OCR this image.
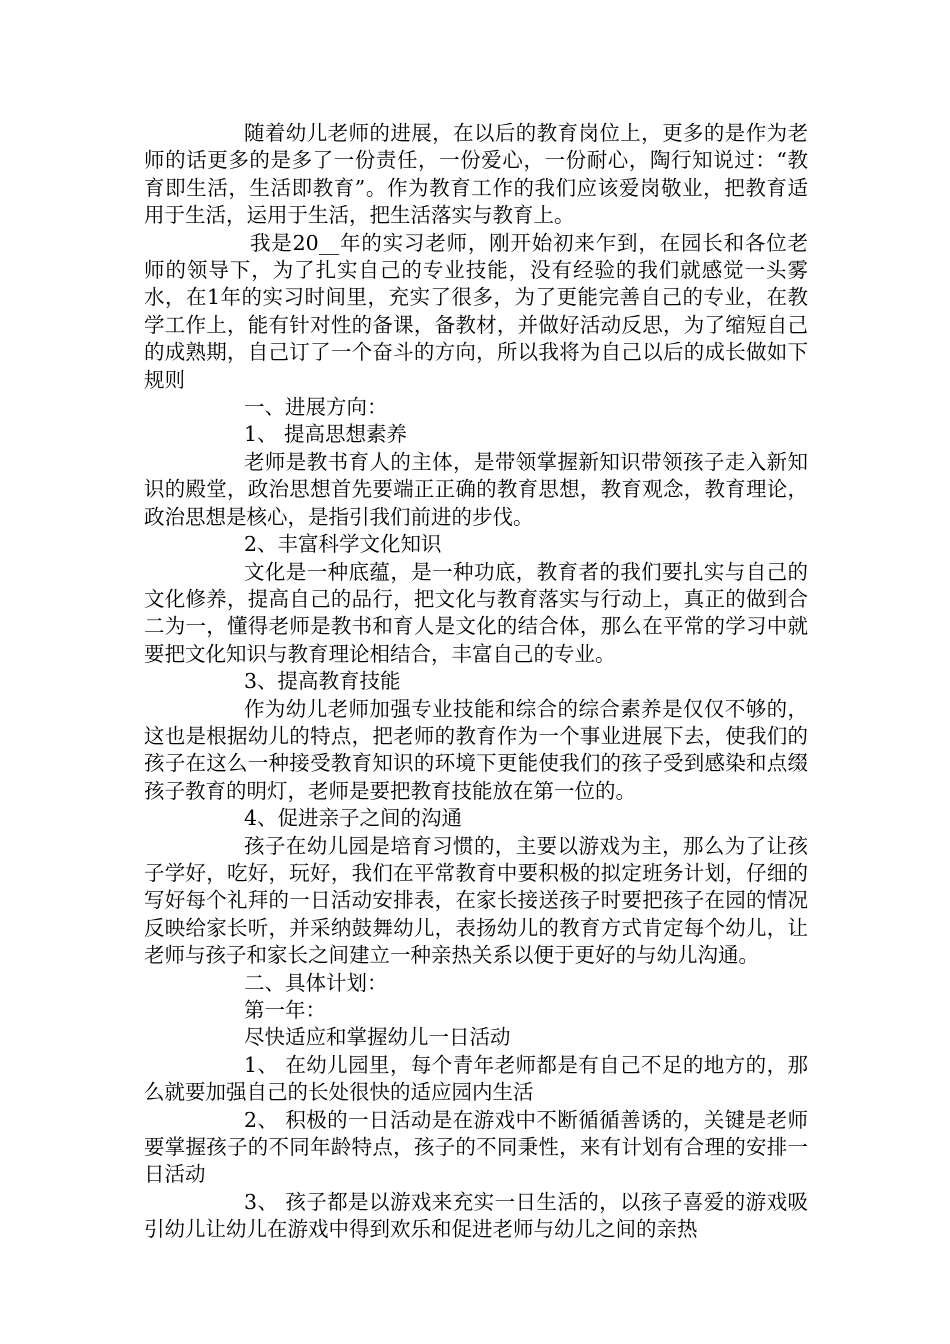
随着幼儿老师的进展，在以后的教育岗位上，更多的是作为老师的话更多的是多了一份责任，一份爱心，一份耐心，陶行知说过：“教育即生活，生活即教育”。作为教育工作的我们应该爱岗敬业，把教育适用于生活，运用于生活，把生活落实与教育上。

我是20__年的实习老师，刚开始初来乍到，在园长和各位老师的领导下，为了扎实自己的专业技能，没有经验的我们就感觉一头雾水，在1年的实习时间里，充实了很多，为了更能完善自己的专业，在教学工作上，能有针对性的备课，备教材，并做好活动反思，为了缩短自己的成熟期，自己订了一个奋斗的方向，所以我将为自己以后的成长做如下规则

一、进展方向：

1、 提高思想素养

老师是教书育人的主体，是带领掌握新知识带领孩子走入新知识的殿堂，政治思想首先要端正正确的教育思想，教育观念，教育理论，政治思想是核心，是指引我们前进的步伐。

2、丰富科学文化知识

文化是一种底蕴，是一种功底，教育者的我们要扎实与自己的文化修养，提高自己的品行，把文化与教育落实与行动上，真正的做到合二为一，懂得老师是教书和育人是文化的结合体，那么在平常的学习中就要把文化知识与教育理论相结合，丰富自己的专业。

3、提高教育技能

作为幼儿老师加强专业技能和综合的综合素养是仅仅不够的，这也是根据幼儿的特点，把老师的教育作为一个事业进展下去，使我们的孩子在这么一种接受教育知识的环境下更能使我们的孩子受到感染和点缀孩子教育的明灯，老师是要把教育技能放在第一位的。

4、促进亲子之间的沟通

孩子在幼儿园是培育习惯的，主要以游戏为主，那么为了让孩子学好，吃好，玩好，我们在平常教育中要积极的拟定班务计划，仔细的写好每个礼拜的一日活动安排表，在家长接送孩子时要把孩子在园的情况反映给家长听，并采纳鼓舞幼儿，表扬幼儿的教育方式肯定每个幼儿，让老师与孩子和家长之间建立一种亲热关系以便于更好的与幼儿沟通。

二、具体计划：

第一年：

尽快适应和掌握幼儿一日活动

1、 在幼儿园里，每个青年老师都是有自己不足的地方的，那么就要加强自己的长处很快的适应园内生活

2、 积极的一日活动是在游戏中不断循循善诱的，关键是老师要掌握孩子的不同年龄特点，孩子的不同秉性，来有计划有合理的安排一日活动

3、 孩子都是以游戏来充实一日生活的，以孩子喜爱的游戏吸引幼儿让幼儿在游戏中得到欢乐和促进老师与幼儿之间的亲热
